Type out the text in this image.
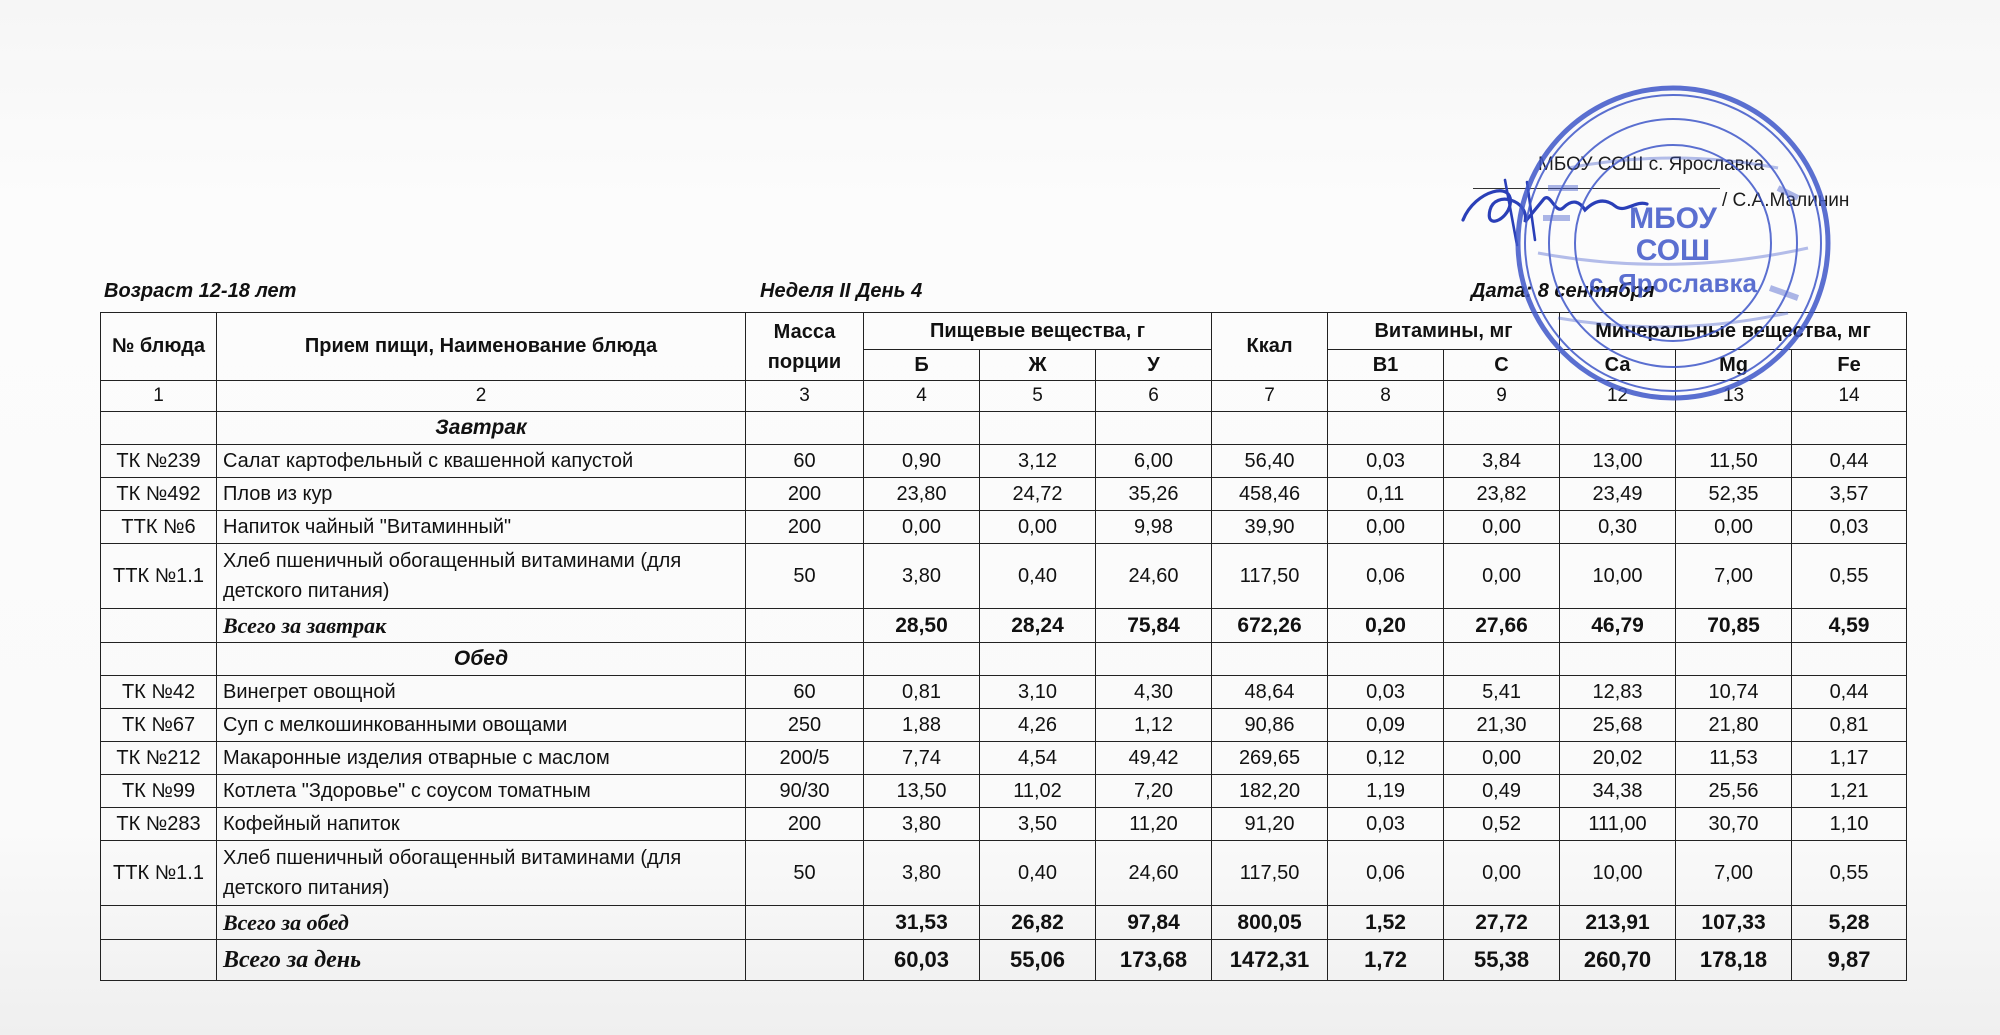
МБОУ СОШ с. Ярославка
/ С.А.Малинин
МБОУ
СОШ
с. Ярославка
Возраст 12-18 лет	Неделя II День 4	Дата: 8 сентября
№ блюда	Прием пищи, Наименование блюда	Масса порции	Пищевые вещества, г			Ккал	Витамины, мг		Минеральные вещества, мг		
			Б	Ж	У		В1	С	Са	Mg	Fe
1	2	3	4	5	6	7	8	9	12	13	14
	Завтрак										
ТК №239	Салат картофельный с квашенной капустой	60	0,90	3,12	6,00	56,40	0,03	3,84	13,00	11,50	0,44
ТК №492	Плов из кур	200	23,80	24,72	35,26	458,46	0,11	23,82	23,49	52,35	3,57
ТТК №6	Напиток чайный "Витаминный"	200	0,00	0,00	9,98	39,90	0,00	0,00	0,30	0,00	0,03
ТТК №1.1	Хлеб пшеничный обогащенный витаминами (для детского питания)	50	3,80	0,40	24,60	117,50	0,06	0,00	10,00	7,00	0,55
	Всего за завтрак		28,50	28,24	75,84	672,26	0,20	27,66	46,79	70,85	4,59
	Обед										
ТК №42	Винегрет овощной	60	0,81	3,10	4,30	48,64	0,03	5,41	12,83	10,74	0,44
ТК №67	Суп с мелкошинкованными овощами	250	1,88	4,26	1,12	90,86	0,09	21,30	25,68	21,80	0,81
ТК №212	Макаронные изделия отварные с маслом	200/5	7,74	4,54	49,42	269,65	0,12	0,00	20,02	11,53	1,17
ТК №99	Котлета "Здоровье" с соусом томатным	90/30	13,50	11,02	7,20	182,20	1,19	0,49	34,38	25,56	1,21
ТК №283	Кофейный напиток	200	3,80	3,50	11,20	91,20	0,03	0,52	111,00	30,70	1,10
ТТК №1.1	Хлеб пшеничный обогащенный витаминами (для детского питания)	50	3,80	0,40	24,60	117,50	0,06	0,00	10,00	7,00	0,55
	Всего за обед		31,53	26,82	97,84	800,05	1,52	27,72	213,91	107,33	5,28
	Всего за день		60,03	55,06	173,68	1472,31	1,72	55,38	260,70	178,18	9,87
